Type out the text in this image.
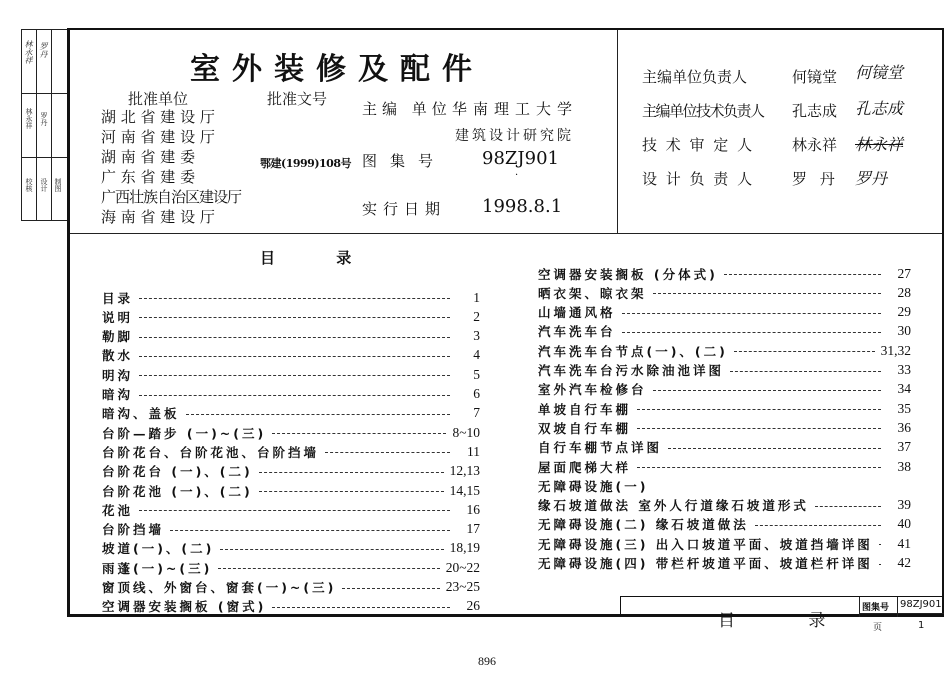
林永祥 罗丹
林永祥 罗丹
校核 设计 制图
室外装修及配件
批准单位	批准文号
湖 北 省 建 设 厅
河 南 省 建 设 厅
湖 南 省 建 委
广 东 省 建 委
广西壮族自治区建设厅
海 南 省 建 设 厅
鄂建(1999)108号
主编 单位 华南理工大学
建筑设计研究院
图集号 98ZJ901
·
实行日期 1998.8.1
主编单位负责人	何镜堂 何镜堂
主编单位技术负责人 孔志成 孔志成
技 术 审 定 人	林永祥 林永祥
设 计 负 责 人	罗 丹 罗丹
目 录
目录	1
说明	2
勒脚	3
散水	4
明沟	5
暗沟	6
暗沟、盖板	7
台阶—踏步 (一)~(三)	8~10
台阶花台、台阶花池、台阶挡墙	11
台阶花台 (一)、(二)	12,13
台阶花池 (一)、(二)	14,15
花池	16
台阶挡墙	17
坡道(一)、(二)	18,19
雨蓬(一)~(三)	20~22
窗顶线、外窗台、窗套(一)~(三)	23~25
空调器安装搁板 (窗式)	26
空调器安装搁板 (分体式)	27
晒衣架、晾衣架	28
山墙通风格	29
汽车洗车台	30
汽车洗车台节点(一)、(二)	31,32
汽车洗车台污水除油池详图	33
室外汽车检修台	34
单坡自行车棚	35
双坡自行车棚	36
自行车棚节点详图	37
屋面爬梯大样	38
无障碍设施(一)
缘石坡道做法 室外人行道缘石坡道形式	39
无障碍设施(二) 缘石坡道做法	40
无障碍设施(三) 出入口坡道平面、坡道挡墙详图	41
无障碍设施(四) 带栏杆坡道平面、坡道栏杆详图	42
目 录
图集号 98ZJ901
页	1
896
